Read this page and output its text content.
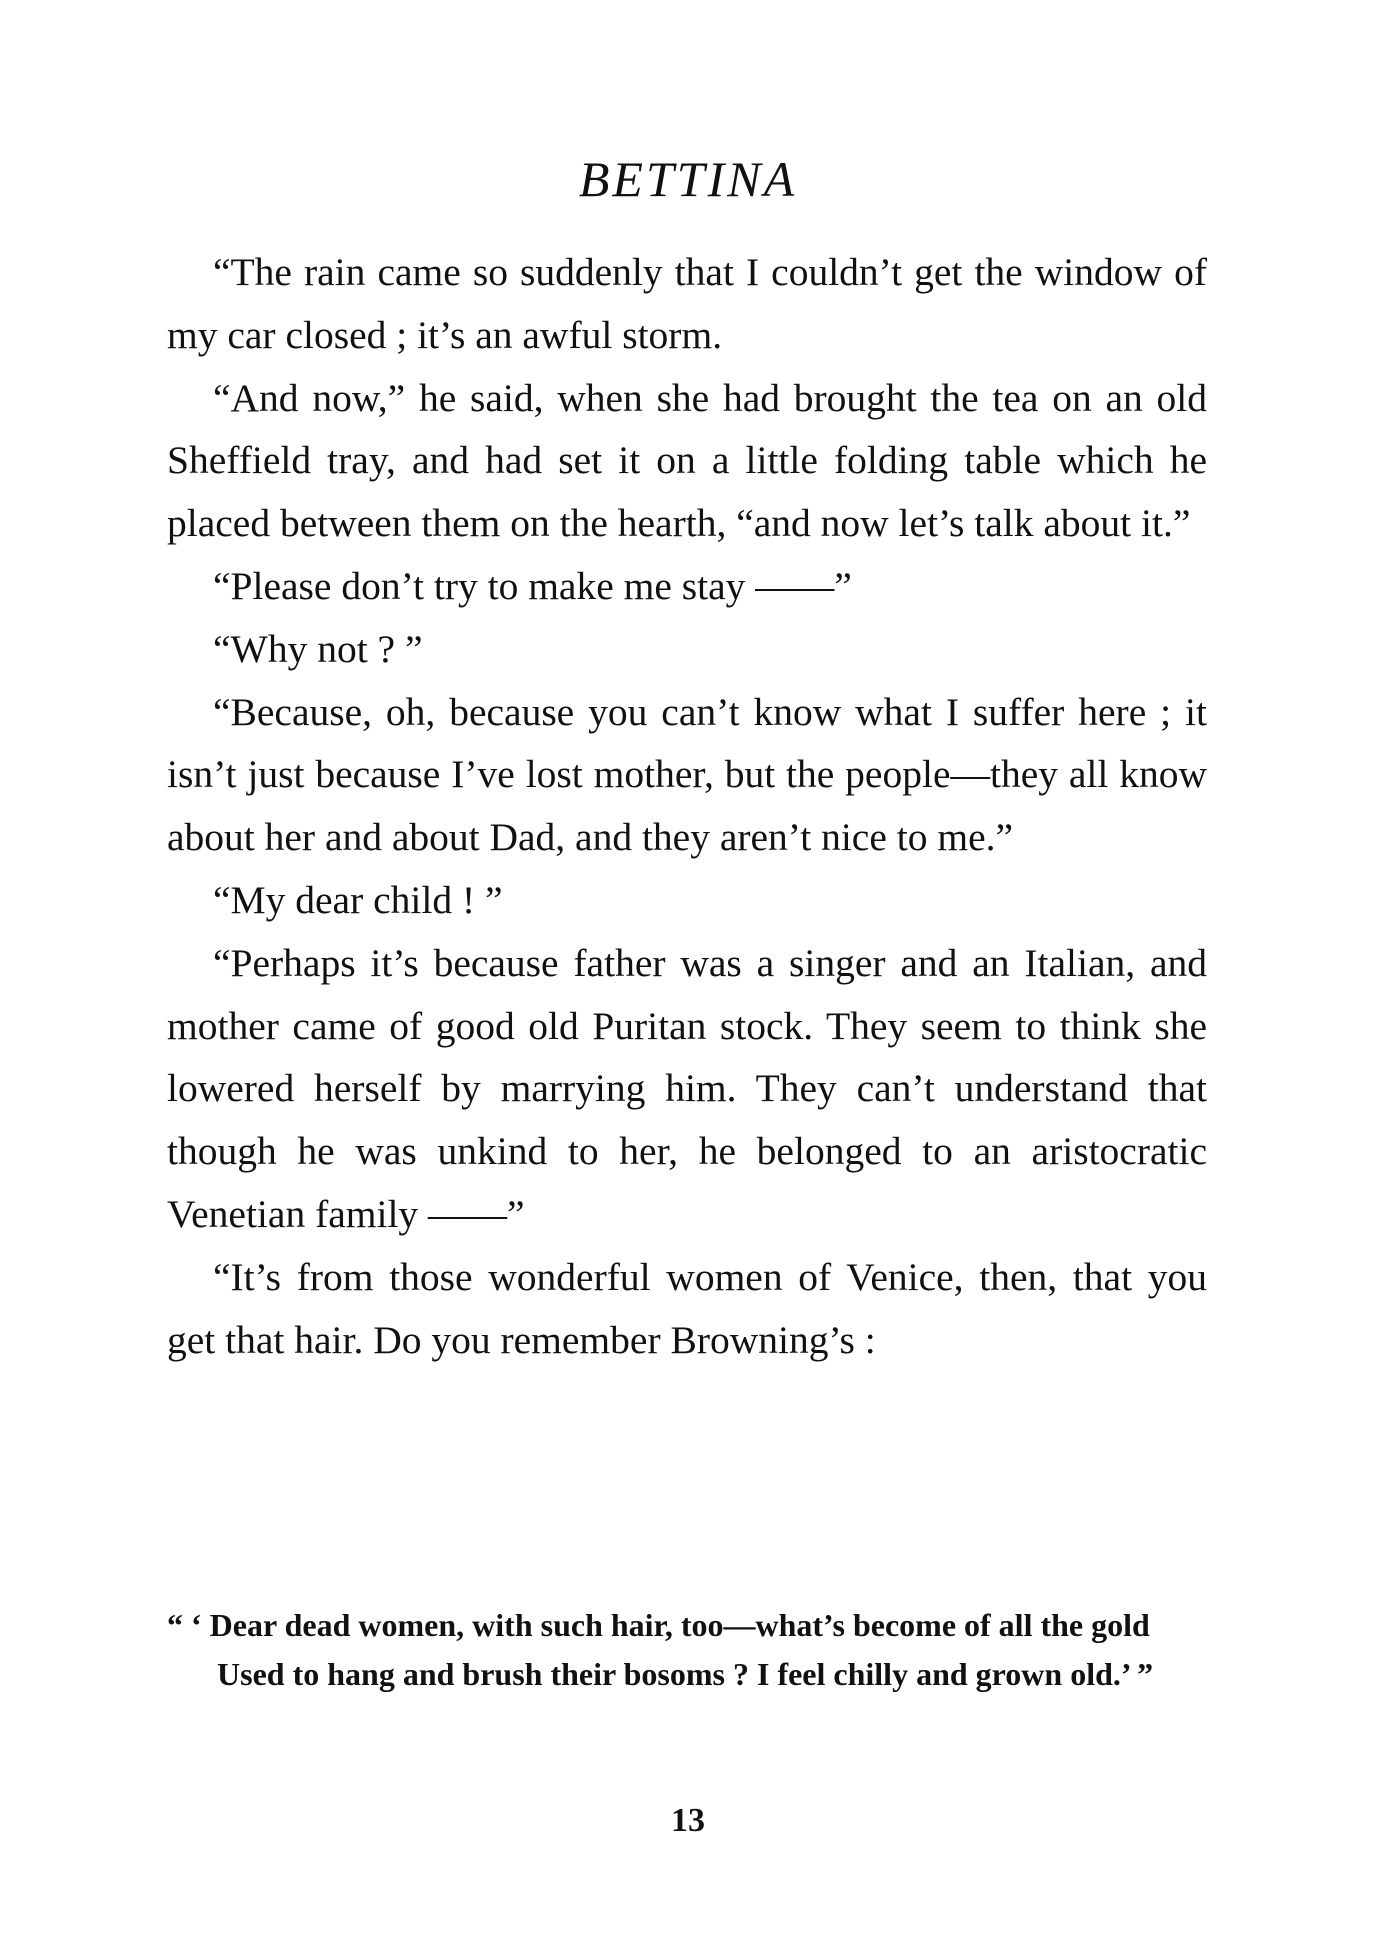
BETTINA

“The rain came so suddenly that I couldn’t get the window of my car closed ; it’s an awful storm.

“And now,” he said, when she had brought the tea on an old Sheffield tray, and had set it on a little folding table which he placed between them on the hearth, “and now let’s talk about it.”

“Please don’t try to make me stay ——”

“Why not ? ”

“Because, oh, because you can’t know what I suffer here ; it isn’t just because I’ve lost mother, but the people—they all know about her and about Dad, and they aren’t nice to me.”

“My dear child ! ”

“Perhaps it’s because father was a singer and an Italian, and mother came of good old Puritan stock. They seem to think she lowered herself by marrying him. They can’t understand that though he was unkind to her, he belonged to an aristocratic Venetian family ——”

“It’s from those wonderful women of Venice, then, that you get that hair. Do you remember Browning’s :

“ ‘ Dear dead women, with such hair, too—what’s become of all the gold
Used to hang and brush their bosoms ? I feel chilly and grown old.’ ”
13
